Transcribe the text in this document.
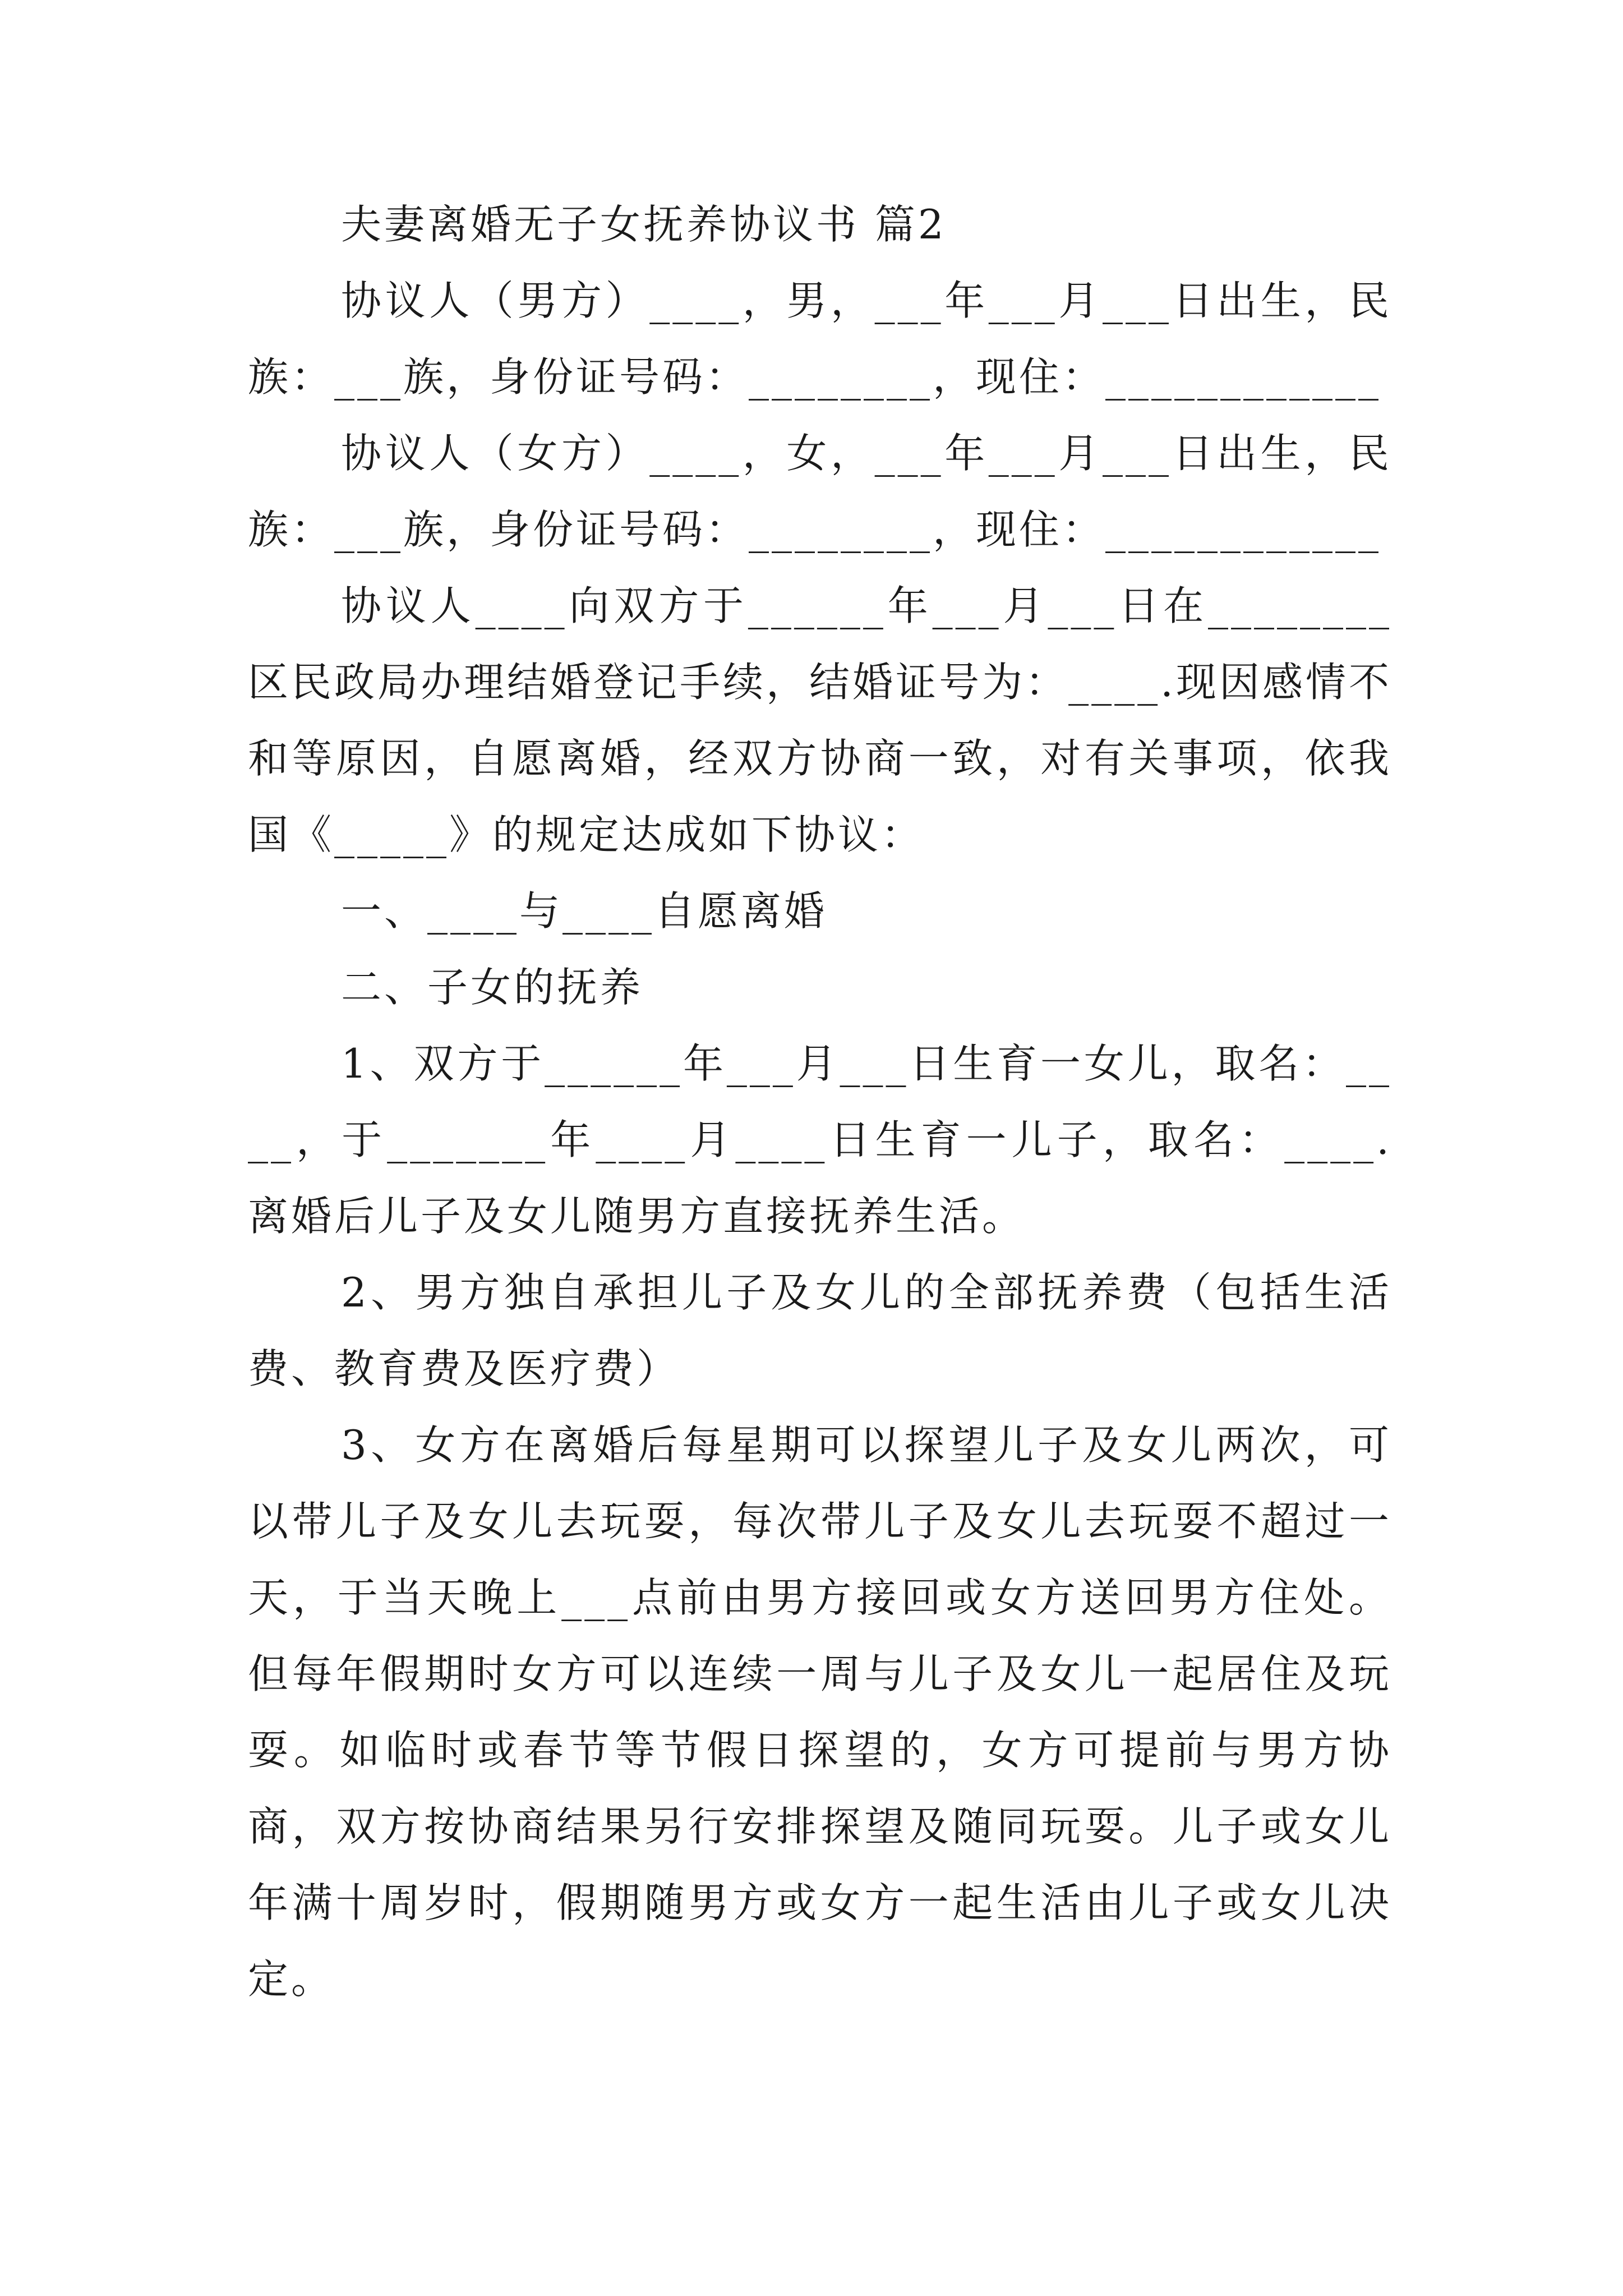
夫妻离婚无子女抚养协议书 篇2

协议人（男方）____，男，___年___月___日出生，民族：___族，身份证号码：________，现住：____________

协议人（女方）____，女，___年___月___日出生，民族：___族，身份证号码：________，现住：____________

协议人____向双方于______年___月___日在________区民政局办理结婚登记手续，结婚证号为：____.现因感情不和等原因，自愿离婚，经双方协商一致，对有关事项，依我国《_____》的规定达成如下协议：

一、____与____自愿离婚

二、子女的抚养

1、双方于______年___月___日生育一女儿，取名：____，于_______年____月____日生育一儿子，取名：____.离婚后儿子及女儿随男方直接抚养生活。

2、男方独自承担儿子及女儿的全部抚养费（包括生活费、教育费及医疗费）

3、女方在离婚后每星期可以探望儿子及女儿两次，可以带儿子及女儿去玩耍，每次带儿子及女儿去玩耍不超过一天，于当天晚上___点前由男方接回或女方送回男方住处。但每年假期时女方可以连续一周与儿子及女儿一起居住及玩耍。如临时或春节等节假日探望的，女方可提前与男方协商，双方按协商结果另行安排探望及随同玩耍。儿子或女儿年满十周岁时，假期随男方或女方一起生活由儿子或女儿决定。
